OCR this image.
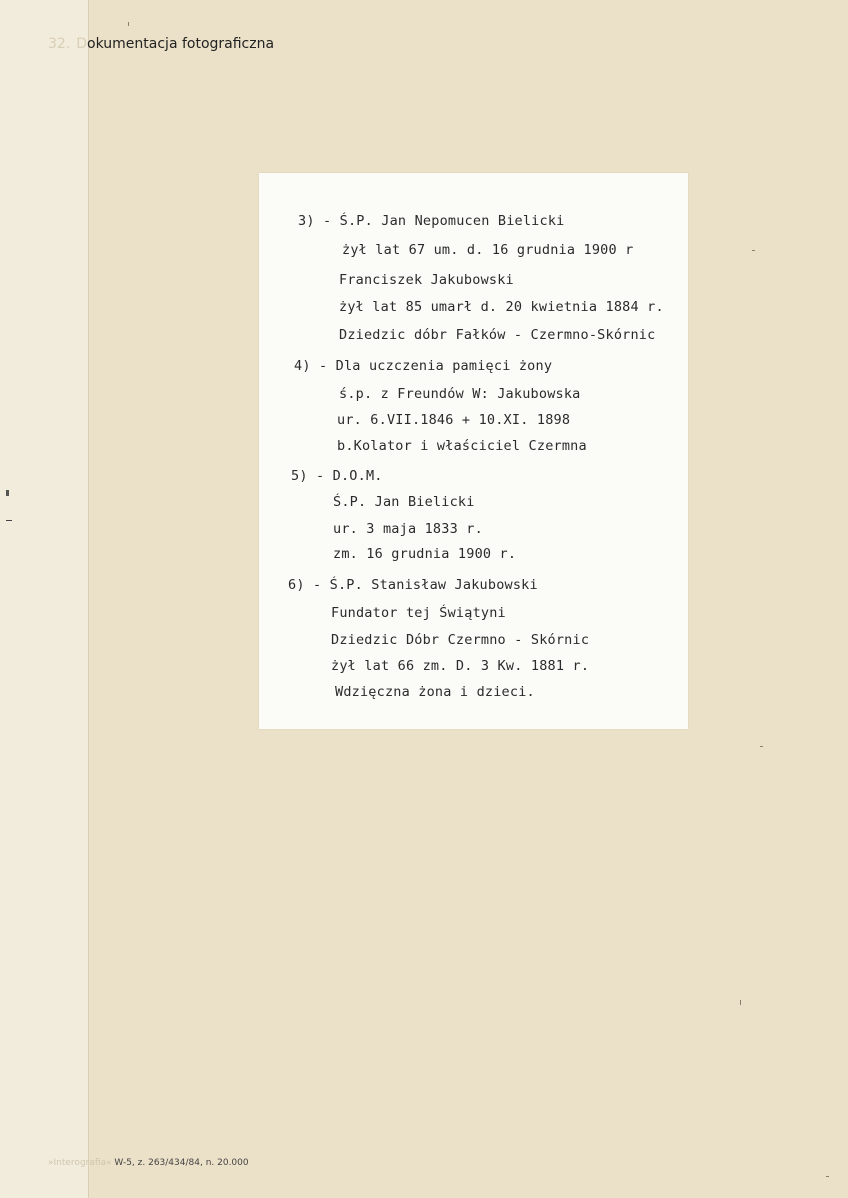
32. Dokumentacja fotograficzna
3) - Ś.P. Jan Nepomucen Bielicki
żył lat 67 um. d. 16 grudnia 1900 r
Franciszek Jakubowski
żył lat 85 umarł d. 20 kwietnia 1884 r.
Dziedzic dóbr Fałków - Czermno-Skórnic
4) - Dla uczczenia pamięci żony
ś.p. z Freundów W: Jakubowska
ur. 6.VII.1846 + 10.XI. 1898
b.Kolator i właściciel Czermna
5) - D.O.M.
Ś.P. Jan Bielicki
ur. 3 maja 1833 r.
zm. 16 grudnia 1900 r.
6) - Ś.P. Stanisław Jakubowski
Fundator tej Świątyni
Dziedzic Dóbr Czermno - Skórnic
żył lat 66 zm. D. 3 Kw. 1881 r.
Wdzięczna żona i dzieci.
»Interografia« W-5, z. 263/434/84, n. 20.000
